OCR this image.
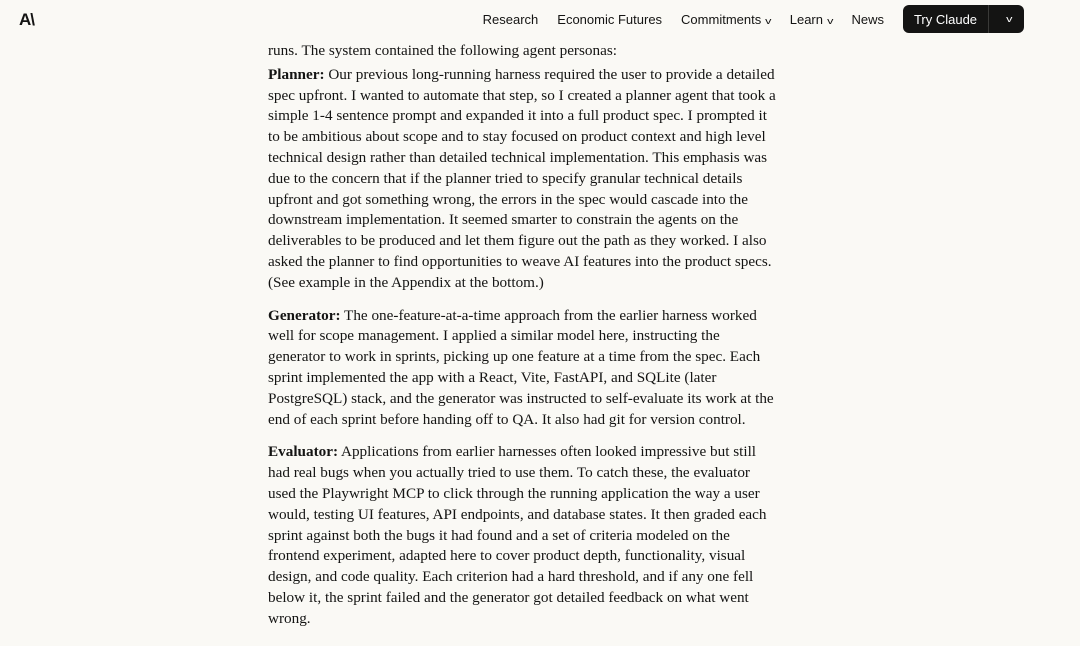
A\	Research Economic Futures Commitments v Learn v News	Try Claude	v

runs. The system contained the following agent personas:

Planner: Our previous long-running harness required the user to provide a detailed spec upfront. I wanted to automate that step, so I created a planner agent that took a simple 1-4 sentence prompt and expanded it into a full product spec. I prompted it to be ambitious about scope and to stay focused on product context and high level technical design rather than detailed technical implementation. This emphasis was due to the concern that if the planner tried to specify granular technical details upfront and got something wrong, the errors in the spec would cascade into the downstream implementation. It seemed smarter to constrain the agents on the deliverables to be produced and let them figure out the path as they worked. I also asked the planner to find opportunities to weave AI features into the product specs. (See example in the Appendix at the bottom.)

Generator: The one-feature-at-a-time approach from the earlier harness worked well for scope management. I applied a similar model here, instructing the generator to work in sprints, picking up one feature at a time from the spec. Each sprint implemented the app with a React, Vite, FastAPI, and SQLite (later PostgreSQL) stack, and the generator was instructed to self-evaluate its work at the end of each sprint before handing off to QA. It also had git for version control.

Evaluator: Applications from earlier harnesses often looked impressive but still had real bugs when you actually tried to use them. To catch these, the evaluator used the Playwright MCP to click through the running application the way a user would, testing UI features, API endpoints, and database states. It then graded each sprint against both the bugs it had found and a set of criteria modeled on the frontend experiment, adapted here to cover product depth, functionality, visual design, and code quality. Each criterion had a hard threshold, and if any one fell below it, the sprint failed and the generator got detailed feedback on what went wrong.
